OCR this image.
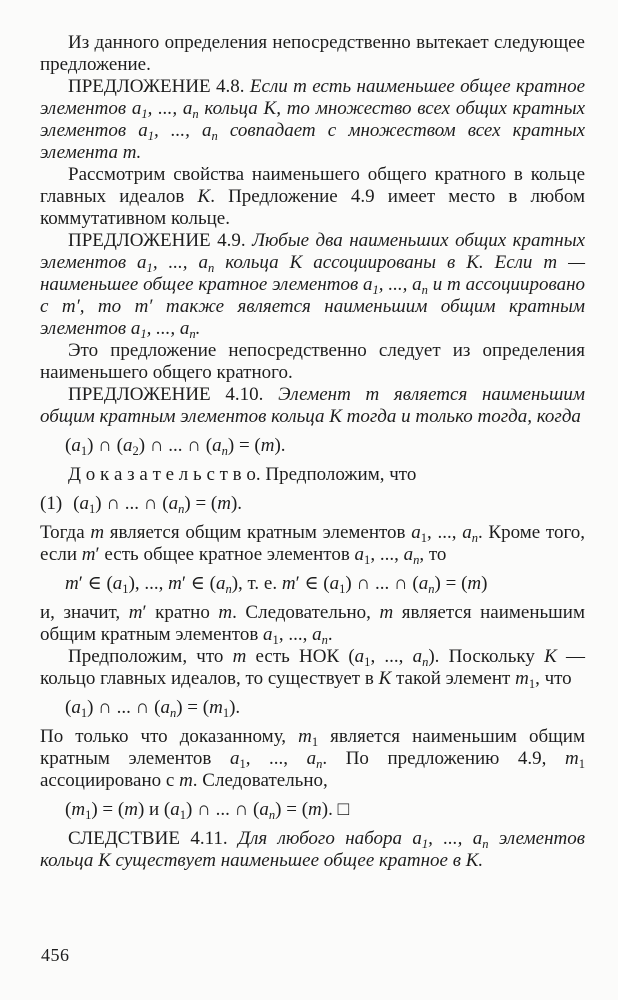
Из данного определения непосредственно вытекает следующее предложение.

ПРЕДЛОЖЕНИЕ 4.8. Если m есть наименьшее общее кратное элементов $a_1$, ..., $a_n$ кольца K, то множество всех общих кратных элементов $a_1$, ..., $a_n$ совпадает с множеством всех кратных элемента m.

Рассмотрим свойства наименьшего общего кратного в кольце главных идеалов K. Предложение 4.9 имеет место в любом коммутативном кольце.

ПРЕДЛОЖЕНИЕ 4.9. Любые два наименьших общих кратных элементов $a_1$, ..., $a_n$ кольца K ассоциированы в K. Если m — наименьшее общее кратное элементов $a_1$, ..., $a_n$ и m ассоциировано с m′, то m′ также является наименьшим общим кратным элементов $a_1$, ..., $a_n$.

Это предложение непосредственно следует из определения наименьшего общего кратного.

ПРЕДЛОЖЕНИЕ 4.10. Элемент m является наименьшим общим кратным элементов кольца K тогда и только тогда, когда

$(a_1)$ ∩ $(a_2)$ ∩ ... ∩ $(a_n) = (m)$.

Д о к а з а т е л ь с т в о. Предположим, что

(1) $(a_1)$ ∩ ... ∩ $(a_n) = (m)$.

Тогда m является общим кратным элементов $a_1$, ..., $a_n$. Кроме того, если m′ есть общее кратное элементов $a_1$, ..., $a_n$, то

m′ ∈ $(a_1)$, ..., m′ ∈ $(a_n)$, т. е. m′ ∈ $(a_1)$ ∩ ... ∩ $(a_n) = (m)$

и, значит, m′ кратно m. Следовательно, m является наименьшим общим кратным элементов $a_1$, ..., $a_n$.

Предположим, что m есть НОК ($a_1$, ..., $a_n$). Поскольку K — кольцо главных идеалов, то существует в K такой элемент $m_1$, что

$(a_1)$ ∩ ... ∩ $(a_n) = (m_1)$.

По только что доказанному, $m_1$ является наименьшим общим кратным элементов $a_1$, ..., $a_n$. По предложению 4.9, $m_1$ ассоциировано с m. Следовательно,

$(m_1) = (m)$ и $(a_1)$ ∩ ... ∩ $(a_n) = (m)$. □

СЛЕДСТВИЕ 4.11. Для любого набора $a_1$, ..., $a_n$ элементов кольца K существует наименьшее общее кратное в K.

456
